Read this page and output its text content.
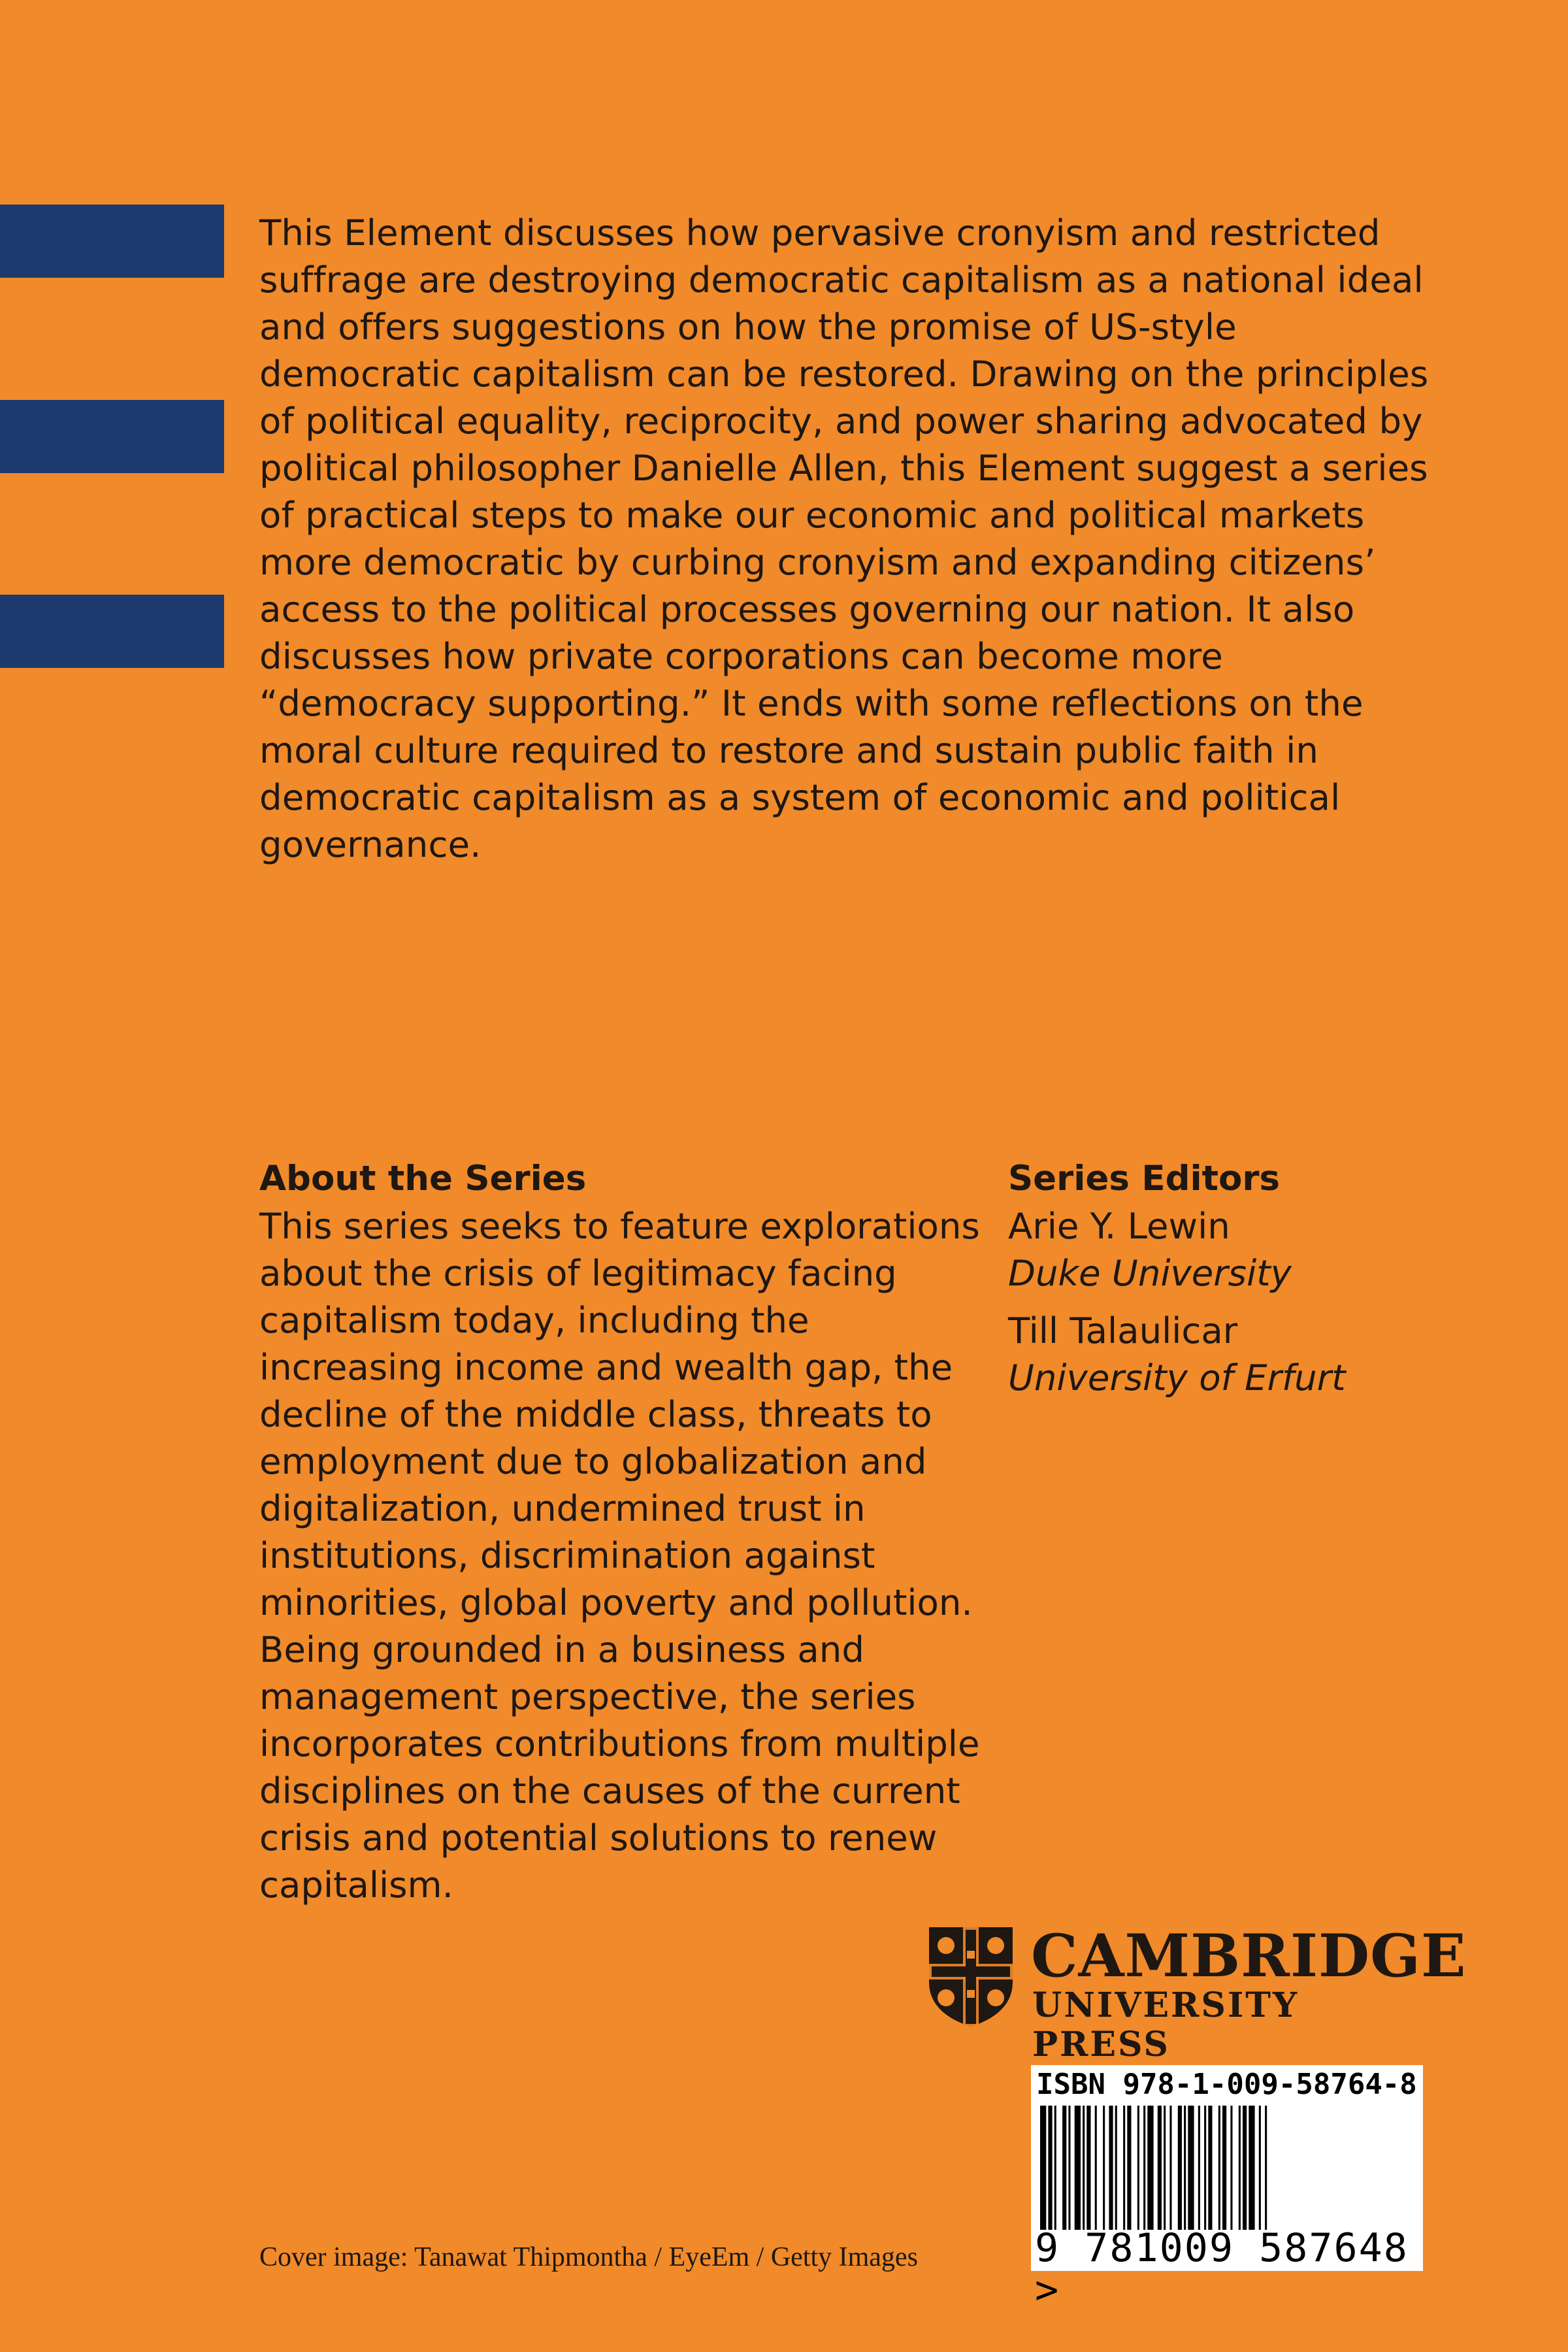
This Element discusses how pervasive cronyism and restricted suffrage are destroying democratic capitalism as a national ideal and offers suggestions on how the promise of US-style democratic capitalism can be restored. Drawing on the principles of political equality, reciprocity, and power sharing advocated by political philosopher Danielle Allen, this Element suggest a series of practical steps to make our economic and political markets more democratic by curbing cronyism and expanding citizens’ access to the political processes governing our nation. It also discusses how private corporations can become more “democracy supporting.” It ends with some reflections on the moral culture required to restore and sustain public faith in democratic capitalism as a system of economic and political governance.

About the Series

This series seeks to feature explorations about the crisis of legitimacy facing capitalism today, including the increasing income and wealth gap, the decline of the middle class, threats to employment due to globalization and digitalization, undermined trust in institutions, discrimination against minorities, global poverty and pollution. Being grounded in a business and management perspective, the series incorporates contributions from multiple disciplines on the causes of the current crisis and potential solutions to renew capitalism.

Series Editors
Arie Y. Lewin
Duke University
Till Talaulicar
University of Erfurt

CAMBRIDGE

UNIVERSITY PRESS

ISBN 978-1-009-58764-8

9 781009 587648 >

Cover image: Tanawat Thipmontha / EyeEm / Getty Images
